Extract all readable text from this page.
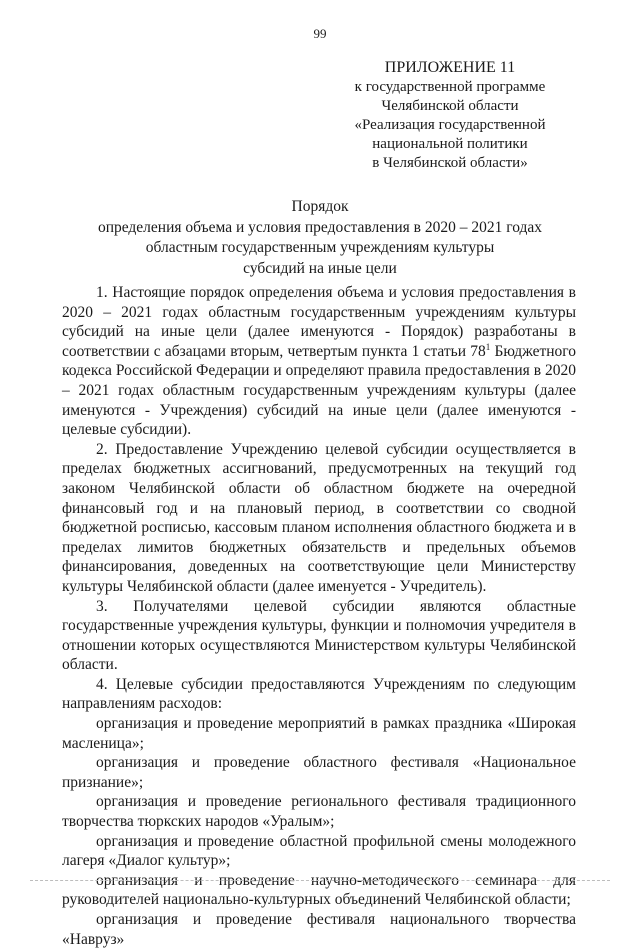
99
ПРИЛОЖЕНИЕ 11
к государственной программе
Челябинской области
«Реализация государственной
национальной политики
в Челябинской области»
Порядок
определения объема и условия предоставления в 2020 – 2021 годах
областным государственным учреждениям культуры
субсидий на иные цели

1. Настоящие порядок определения объема и условия предоставления в 2020 – 2021 годах областным государственным учреждениям культуры субсидий на иные цели (далее именуются - Порядок) разработаны в соответствии с абзацами вторым, четвертым пункта 1 статьи $78^1$ Бюджетного кодекса Российской Федерации и определяют правила предоставления в 2020 – 2021 годах областным государственным учреждениям культуры (далее именуются - Учреждения) субсидий на иные цели (далее именуются - целевые субсидии).

2. Предоставление Учреждению целевой субсидии осуществляется в пределах бюджетных ассигнований, предусмотренных на текущий год законом Челябинской области об областном бюджете на очередной финансовый год и на плановый период, в соответствии со сводной бюджетной росписью, кассовым планом исполнения областного бюджета и в пределах лимитов бюджетных обязательств и предельных объемов финансирования, доведенных на соответствующие цели Министерству культуры Челябинской области (далее именуется - Учредитель).

3. Получателями целевой субсидии являются областные государственные учреждения культуры, функции и полномочия учредителя в отношении которых осуществляются Министерством культуры Челябинской области.

4. Целевые субсидии предоставляются Учреждениям по следующим направлениям расходов:

организация и проведение мероприятий в рамках праздника «Широкая масленица»;

организация и проведение областного фестиваля «Национальное признание»;

организация и проведение регионального фестиваля традиционного творчества тюркских народов «Уралым»;

организация и проведение областной профильной смены молодежного лагеря «Диалог культур»;

организация и проведение научно-методического семинара для руководителей национально-культурных объединений Челябинской области;

организация и проведение фестиваля национального творчества «Навруз»
